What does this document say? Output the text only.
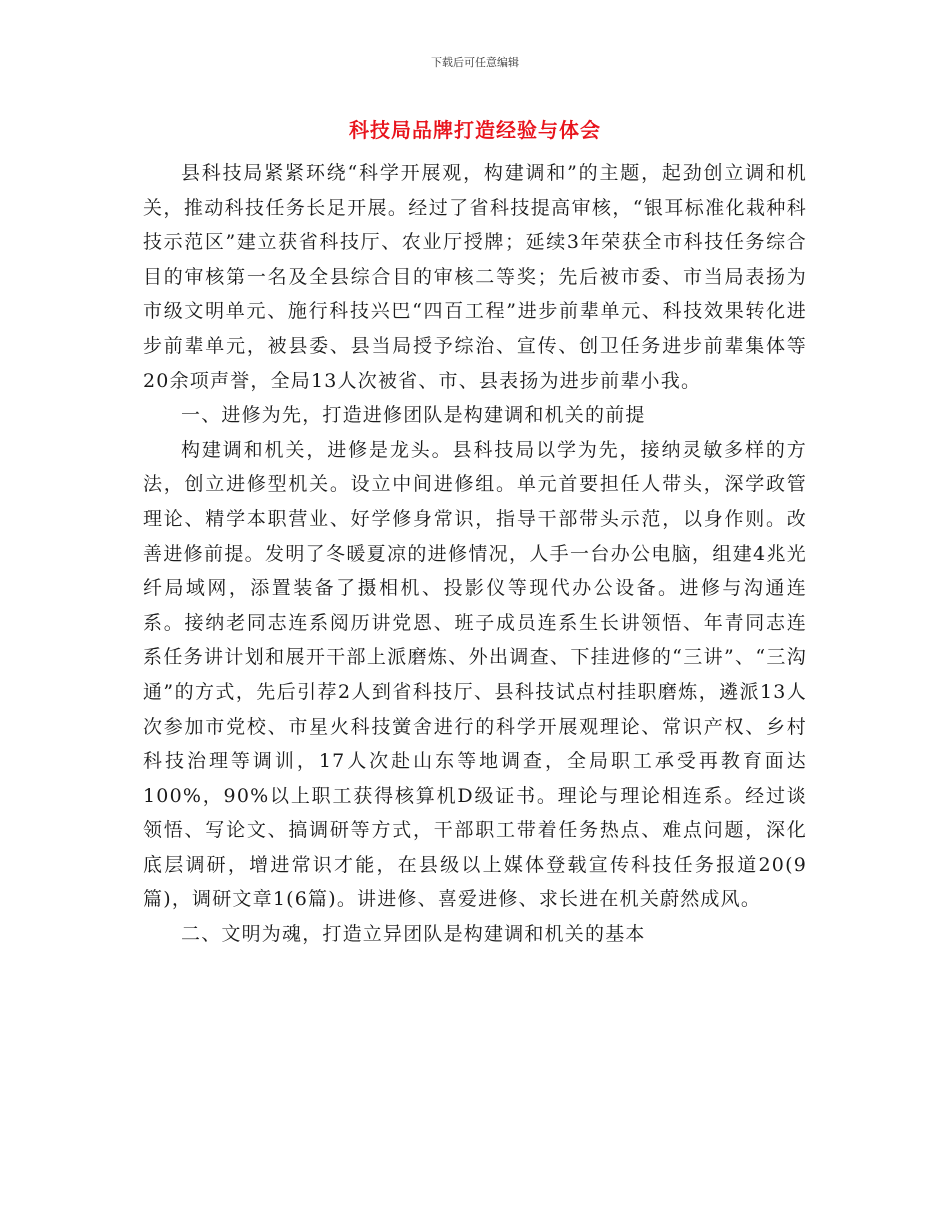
下载后可任意编辑
科技局品牌打造经验与体会

县科技局紧紧环绕“科学开展观，构建调和”的主题，起劲创立调和机关，推动科技任务长足开展。经过了省科技提高审核，“银耳标准化栽种科技示范区”建立获省科技厅、农业厅授牌；延续3年荣获全市科技任务综合目的审核第一名及全县综合目的审核二等奖；先后被市委、市当局表扬为市级文明单元、施行科技兴巴“四百工程”进步前辈单元、科技效果转化进步前辈单元，被县委、县当局授予综治、宣传、创卫任务进步前辈集体等20余项声誉，全局13人次被省、市、县表扬为进步前辈小我。

一、进修为先，打造进修团队是构建调和机关的前提

构建调和机关，进修是龙头。县科技局以学为先，接纳灵敏多样的方法，创立进修型机关。设立中间进修组。单元首要担任人带头，深学政管理论、精学本职营业、好学修身常识，指导干部带头示范，以身作则。改善进修前提。发明了冬暖夏凉的进修情况，人手一台办公电脑，组建4兆光纤局域网，添置装备了摄相机、投影仪等现代办公设备。进修与沟通连系。接纳老同志连系阅历讲党恩、班子成员连系生长讲领悟、年青同志连系任务讲计划和展开干部上派磨炼、外出调查、下挂进修的“三讲”、“三沟通”的方式，先后引荐2人到省科技厅、县科技试点村挂职磨炼，遴派13人次参加市党校、市星火科技黉舍进行的科学开展观理论、常识产权、乡村科技治理等调训，17人次赴山东等地调查，全局职工承受再教育面达100%，90%以上职工获得核算机D级证书。理论与理论相连系。经过谈领悟、写论文、搞调研等方式，干部职工带着任务热点、难点问题，深化底层调研，增进常识才能，在县级以上媒体登载宣传科技任务报道20(9篇)，调研文章1(6篇)。讲进修、喜爱进修、求长进在机关蔚然成风。

二、文明为魂，打造立异团队是构建调和机关的基本
